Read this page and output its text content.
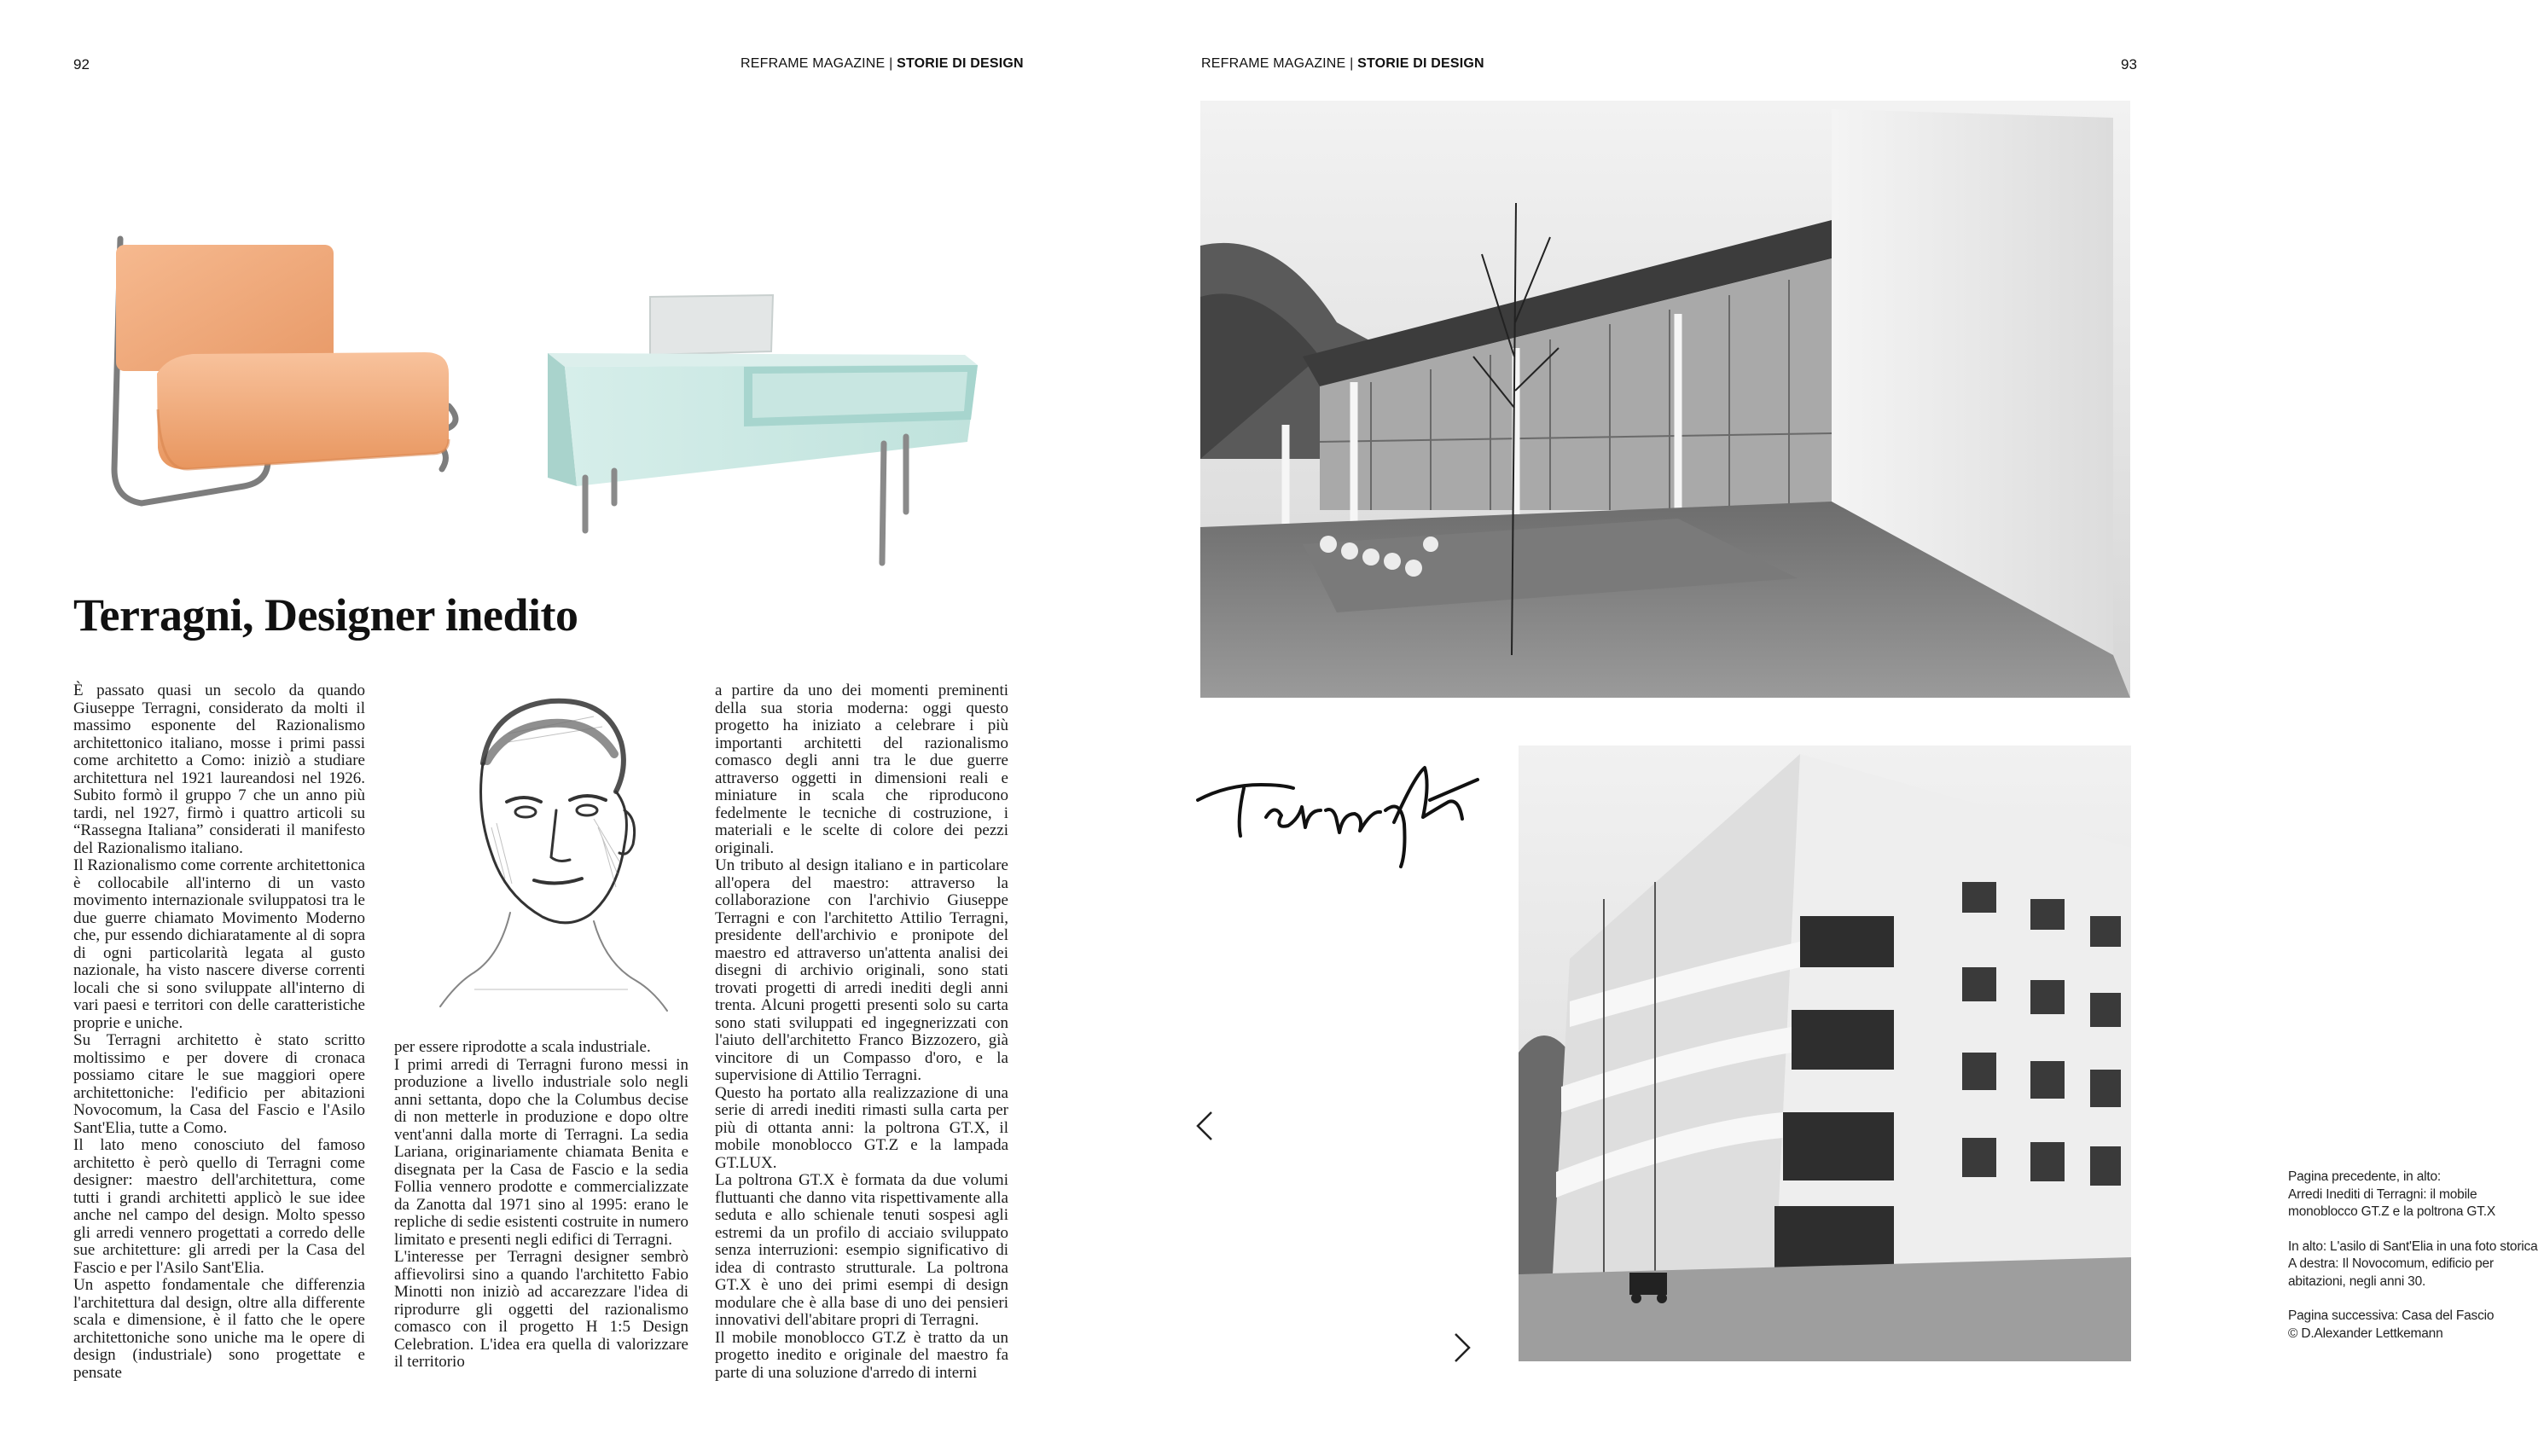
92	REFRAME MAGAZINE | STORIE DI DESIGN
Terragni, Designer inedito

È passato quasi un secolo da quando Giuseppe Terragni, considerato da molti il massimo esponente del Razionalismo architettonico italiano, mosse i primi passi come architetto a Como: iniziò a studiare architettura nel 1921 laureandosi nel 1926. Subito formò il gruppo 7 che un anno più tardi, nel 1927, firmò i quattro articoli su “Rassegna Italiana” considerati il manifesto del Razionalismo italiano.

Il Razionalismo come corrente architettonica è collocabile all'interno di un vasto movimento internazionale sviluppatosi tra le due guerre chiamato Movimento Moderno che, pur essendo dichiaratamente al di sopra di ogni particolarità legata al gusto nazionale, ha visto nascere diverse correnti locali che si sono sviluppate all'interno di vari paesi e territori con delle caratteristiche proprie e uniche.

Su Terragni architetto è stato scritto moltissimo e per dovere di cronaca possiamo citare le sue maggiori opere architettoniche: l'edificio per abitazioni Novocomum, la Casa del Fascio e l'Asilo Sant'Elia, tutte a Como.

Il lato meno conosciuto del famoso architetto è però quello di Terragni come designer: maestro dell'architettura, come tutti i grandi architetti applicò le sue idee anche nel campo del design. Molto spesso gli arredi vennero progettati a corredo delle sue architetture: gli arredi per la Casa del Fascio e per l'Asilo Sant'Elia.

Un aspetto fondamentale che differenzia l'architettura dal design, oltre alla differente scala e dimensione, è il fatto che le opere architettoniche sono uniche ma le opere di design (industriale) sono progettate e pensate

per essere riprodotte a scala industriale.

I primi arredi di Terragni furono messi in produzione a livello industriale solo negli anni settanta, dopo che la Columbus decise di non metterle in produzione e dopo oltre vent'anni dalla morte di Terragni. La sedia Lariana, originariamente chiamata Benita e disegnata per la Casa de Fascio e la sedia Follia vennero prodotte e commercializzate da Zanotta dal 1971 sino al 1995: erano le repliche di sedie esistenti costruite in numero limitato e presenti negli edifici di Terragni.

L'interesse per Terragni designer sembrò affievolirsi sino a quando l'architetto Fabio Minotti non iniziò ad accarezzare l'idea di riprodurre gli oggetti del razionalismo comasco con il progetto H 1:5 Design Celebration. L'idea era quella di valorizzare il territorio

a partire da uno dei momenti preminenti della sua storia moderna: oggi questo progetto ha iniziato a celebrare i più importanti architetti del razionalismo comasco degli anni tra le due guerre attraverso oggetti in dimensioni reali e miniature in scala che riproducono fedelmente le tecniche di costruzione, i materiali e le scelte di colore dei pezzi originali.

Un tributo al design italiano e in particolare all'opera del maestro: attraverso la collaborazione con l'archivio Giuseppe Terragni e con l'architetto Attilio Terragni, presidente dell'archivio e pronipote del maestro ed attraverso un'attenta analisi dei disegni di archivio originali, sono stati trovati progetti di arredi inediti degli anni trenta. Alcuni progetti presenti solo su carta sono stati sviluppati ed ingegnerizzati con l'aiuto dell'architetto Franco Bizzozero, già vincitore di un Compasso d'oro, e la supervisione di Attilio Terragni.

Questo ha portato alla realizzazione di una serie di arredi inediti rimasti sulla carta per più di ottanta anni: la poltrona GT.X, il mobile monoblocco GT.Z e la lampada GT.LUX.

La poltrona GT.X è formata da due volumi fluttuanti che danno vita rispettivamente alla seduta e allo schienale tenuti sospesi agli estremi da un profilo di acciaio sviluppato senza interruzioni: esempio significativo di idea di contrasto strutturale. La poltrona GT.X è uno dei primi esempi di design modulare che è alla base di uno dei pensieri innovativi dell'abitare propri di Terragni.

Il mobile monoblocco GT.Z è tratto da un progetto inedito e originale del maestro fa parte di una soluzione d'arredo di interni

REFRAME MAGAZINE | STORIE DI DESIGN	93

Pagina precedente, in alto:

Arredi Inediti di Terragni: il mobile monoblocco GT.Z e la poltrona GT.X

In alto: L'asilo di Sant'Elia in una foto storica

A destra: Il Novocomum, edificio per abitazioni, negli anni 30.

Pagina successiva: Casa del Fascio

© D.Alexander Lettkemann
